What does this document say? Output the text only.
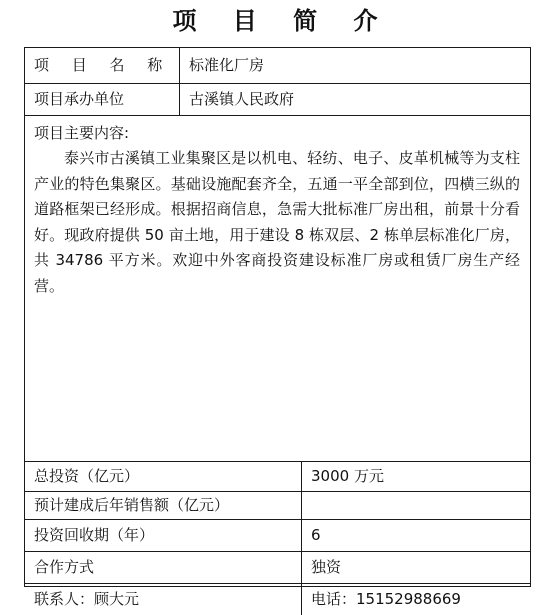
项 目 简 介
项 目 名 称	标准化厂房
项目承办单位	古溪镇人民政府
项目主要内容:
泰兴市古溪镇工业集聚区是以机电、轻纺、电子、皮革机械等为支柱产业的特色集聚区。基础设施配套齐全，五通一平全部到位，四横三纵的道路框架已经形成。根据招商信息，急需大批标准厂房出租，前景十分看好。现政府提供 50 亩土地，用于建设 8 栋双层、2 栋单层标准化厂房，共 34786 平方米。欢迎中外客商投资建设标准厂房或租赁厂房生产经营。
总投资（亿元）	3000 万元
预计建成后年销售额（亿元）
投资回收期（年）	6
合作方式	独资
联系人：顾大元	电话：15152988669
